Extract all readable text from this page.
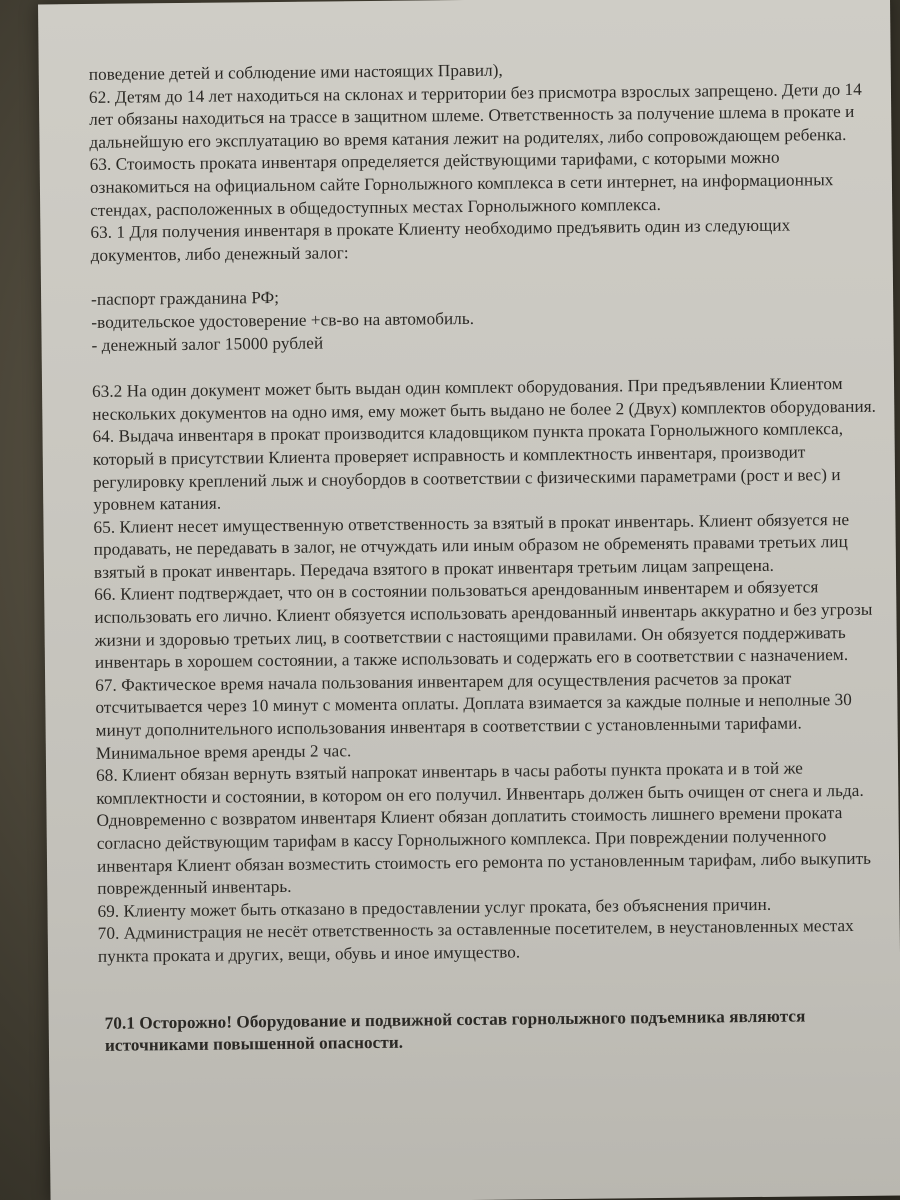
поведение детей и соблюдение ими настоящих Правил),

62. Детям до 14 лет находиться на склонах и территории без присмотра взрослых запрещено. Дети до 14 лет обязаны находиться на трассе в защитном шлеме. Ответственность за получение шлема в прокате и дальнейшую его эксплуатацию во время катания лежит на родителях, либо сопровождающем ребенка.

63. Стоимость проката инвентаря определяется действующими тарифами, с которыми можно ознакомиться на официальном сайте Горнолыжного комплекса в сети интернет, на информационных стендах, расположенных в общедоступных местах Горнолыжного комплекса.

63. 1 Для получения инвентаря в прокате Клиенту необходимо предъявить один из следующих документов, либо денежный залог:

-паспорт гражданина РФ;

-водительское удостоверение +св-во на автомобиль.

- денежный залог 15000 рублей

63.2 На один документ может быть выдан один комплект оборудования. При предъявлении Клиентом нескольких документов на одно имя, ему может быть выдано не более 2 (Двух) комплектов оборудования.

64. Выдача инвентаря в прокат производится кладовщиком пункта проката Горнолыжного комплекса, который в присутствии Клиента проверяет исправность и комплектность инвентаря, производит регулировку креплений лыж и сноубордов в соответствии с физическими параметрами (рост и вес) и уровнем катания.

65. Клиент несет имущественную ответственность за взятый в прокат инвентарь. Клиент обязуется не продавать, не передавать в залог, не отчуждать или иным образом не обременять правами третьих лиц взятый в прокат инвентарь. Передача взятого в прокат инвентаря третьим лицам запрещена.

66. Клиент подтверждает, что он в состоянии пользоваться арендованным инвентарем и обязуется использовать его лично. Клиент обязуется использовать арендованный инвентарь аккуратно и без угрозы жизни и здоровью третьих лиц, в соответствии с настоящими правилами. Он обязуется поддерживать инвентарь в хорошем состоянии, а также использовать и содержать его в соответствии с назначением.

67. Фактическое время начала пользования инвентарем для осуществления расчетов за прокат отсчитывается через 10 минут с момента оплаты. Доплата взимается за каждые полные и неполные 30 минут дополнительного использования инвентаря в соответствии с установленными тарифами. Минимальное время аренды 2 час.

68. Клиент обязан вернуть взятый напрокат инвентарь в часы работы пункта проката и в той же комплектности и состоянии, в котором он его получил. Инвентарь должен быть очищен от снега и льда. Одновременно с возвратом инвентаря Клиент обязан доплатить стоимость лишнего времени проката согласно действующим тарифам в кассу Горнолыжного комплекса. При повреждении полученного инвентаря Клиент обязан возместить стоимость его ремонта по установленным тарифам, либо выкупить поврежденный инвентарь.

69. Клиенту может быть отказано в предоставлении услуг проката, без объяснения причин.

70. Администрация не несёт ответственность за оставленные посетителем, в неустановленных местах пункта проката и других, вещи, обувь и иное имущество.

70.1 Осторожно! Оборудование и подвижной состав горнолыжного подъемника являются источниками повышенной опасности.
